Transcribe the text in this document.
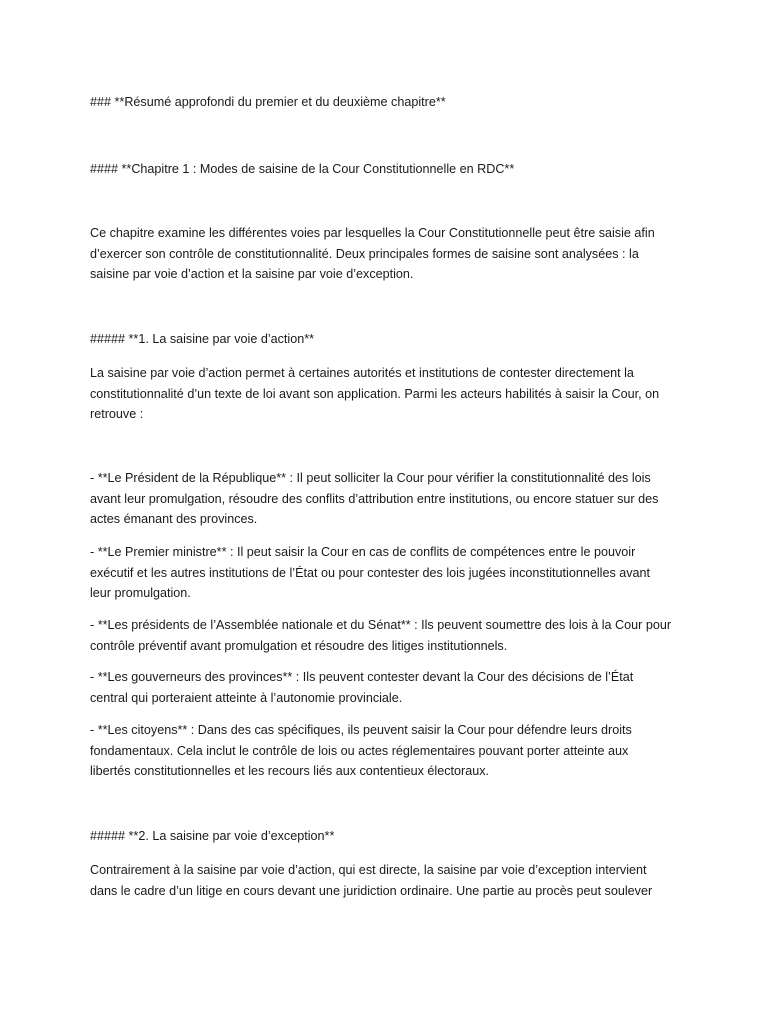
### **Résumé approfondi du premier et du deuxième chapitre**
#### **Chapitre 1 : Modes de saisine de la Cour Constitutionnelle en RDC**
Ce chapitre examine les différentes voies par lesquelles la Cour Constitutionnelle peut être saisie afin
d’exercer son contrôle de constitutionnalité. Deux principales formes de saisine sont analysées : la
saisine par voie d’action et la saisine par voie d’exception.
##### **1. La saisine par voie d’action**
La saisine par voie d’action permet à certaines autorités et institutions de contester directement la
constitutionnalité d’un texte de loi avant son application. Parmi les acteurs habilités à saisir la Cour, on
retrouve :
- **Le Président de la République** : Il peut solliciter la Cour pour vérifier la constitutionnalité des lois
avant leur promulgation, résoudre des conflits d’attribution entre institutions, ou encore statuer sur des
actes émanant des provinces.
- **Le Premier ministre** : Il peut saisir la Cour en cas de conflits de compétences entre le pouvoir
exécutif et les autres institutions de l’État ou pour contester des lois jugées inconstitutionnelles avant
leur promulgation.
- **Les présidents de l’Assemblée nationale et du Sénat** : Ils peuvent soumettre des lois à la Cour pour
contrôle préventif avant promulgation et résoudre des litiges institutionnels.
- **Les gouverneurs des provinces** : Ils peuvent contester devant la Cour des décisions de l’État
central qui porteraient atteinte à l’autonomie provinciale.
- **Les citoyens** : Dans des cas spécifiques, ils peuvent saisir la Cour pour défendre leurs droits
fondamentaux. Cela inclut le contrôle de lois ou actes réglementaires pouvant porter atteinte aux
libertés constitutionnelles et les recours liés aux contentieux électoraux.
##### **2. La saisine par voie d’exception**
Contrairement à la saisine par voie d’action, qui est directe, la saisine par voie d’exception intervient
dans le cadre d’un litige en cours devant une juridiction ordinaire. Une partie au procès peut soulever
